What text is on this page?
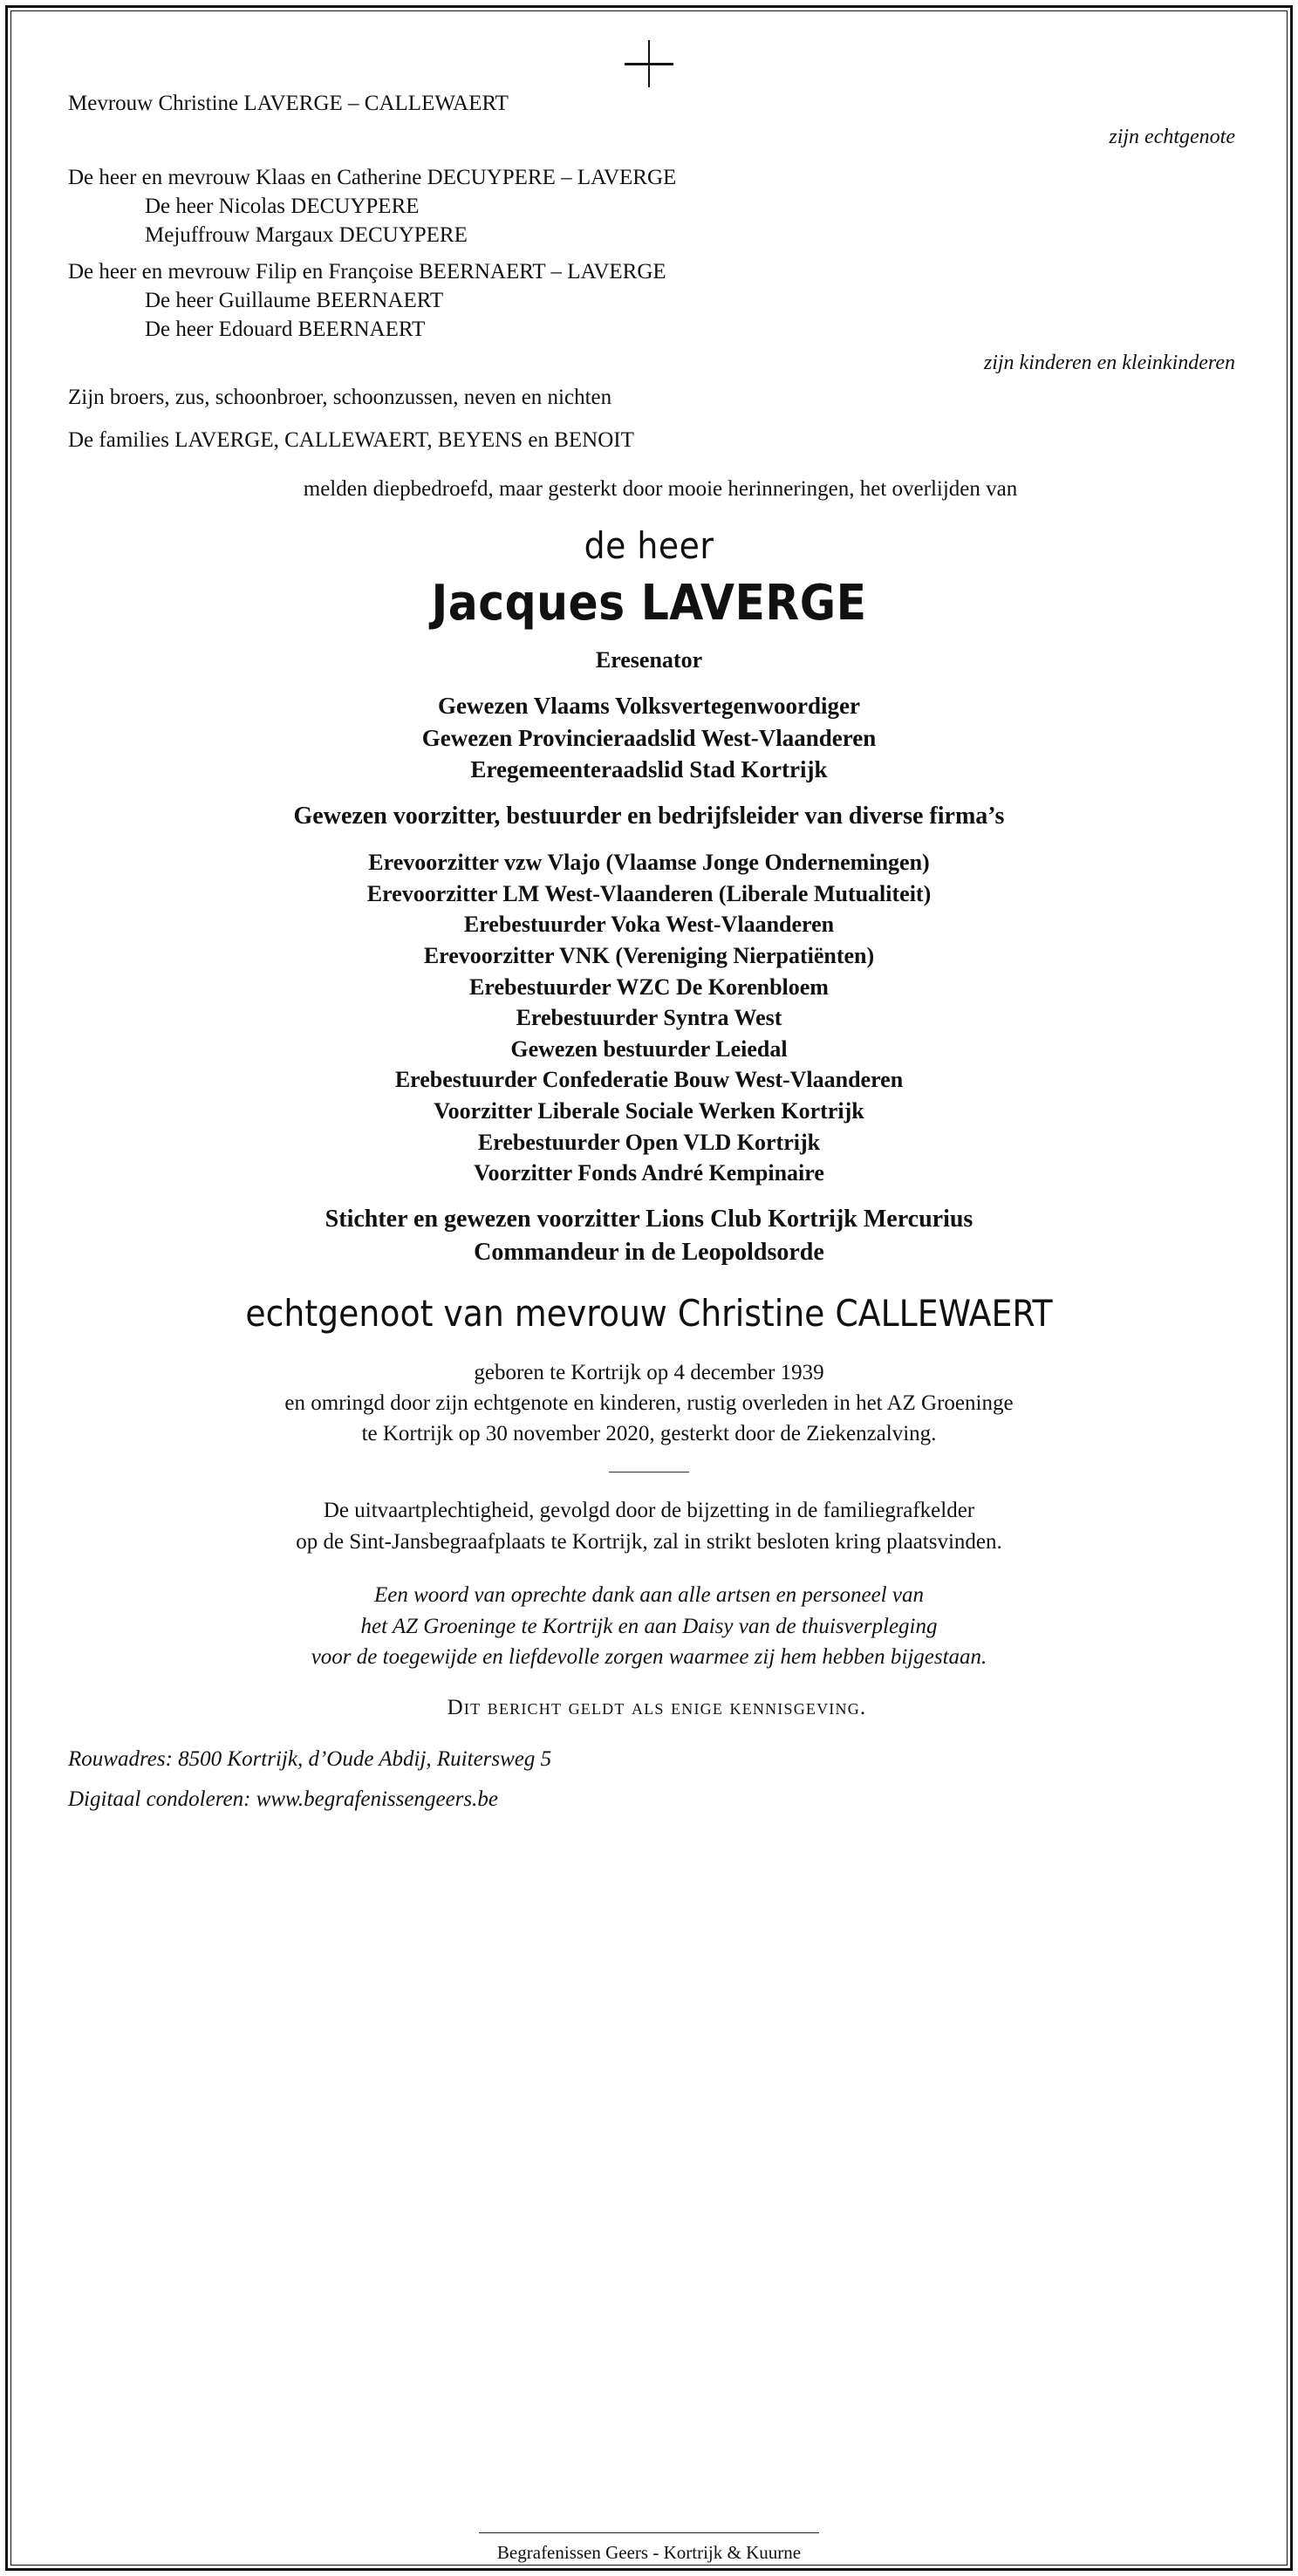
Mevrouw Christine LAVERGE – CALLEWAERT
zijn echtgenote
De heer en mevrouw Klaas en Catherine DECUYPERE – LAVERGE
De heer Nicolas DECUYPERE
Mejuffrouw Margaux DECUYPERE
De heer en mevrouw Filip en Françoise BEERNAERT – LAVERGE
De heer Guillaume BEERNAERT
De heer Edouard BEERNAERT
zijn kinderen en kleinkinderen
Zijn broers, zus, schoonbroer, schoonzussen, neven en nichten
De families LAVERGE, CALLEWAERT, BEYENS en BENOIT
melden diepbedroefd, maar gesterkt door mooie herinneringen, het overlijden van
de heer
Jacques LAVERGE
Eresenator
Gewezen Vlaams Volksvertegenwoordiger
Gewezen Provincieraadslid West-Vlaanderen
Eregemeenteraadslid Stad Kortrijk
Gewezen voorzitter, bestuurder en bedrijfsleider van diverse firma’s
Erevoorzitter vzw Vlajo (Vlaamse Jonge Ondernemingen)
Erevoorzitter LM West-Vlaanderen (Liberale Mutualiteit)
Erebestuurder Voka West-Vlaanderen
Erevoorzitter VNK (Vereniging Nierpatiënten)
Erebestuurder WZC De Korenbloem
Erebestuurder Syntra West
Gewezen bestuurder Leiedal
Erebestuurder Confederatie Bouw West-Vlaanderen
Voorzitter Liberale Sociale Werken Kortrijk
Erebestuurder Open VLD Kortrijk
Voorzitter Fonds André Kempinaire
Stichter en gewezen voorzitter Lions Club Kortrijk Mercurius
Commandeur in de Leopoldsorde
echtgenoot van mevrouw Christine CALLEWAERT
geboren te Kortrijk op 4 december 1939
en omringd door zijn echtgenote en kinderen, rustig overleden in het AZ Groeninge
te Kortrijk op 30 november 2020, gesterkt door de Ziekenzalving.
De uitvaartplechtigheid, gevolgd door de bijzetting in de familiegrafkelder
op de Sint-Jansbegraafplaats te Kortrijk, zal in strikt besloten kring plaatsvinden.
Een woord van oprechte dank aan alle artsen en personeel van
het AZ Groeninge te Kortrijk en aan Daisy van de thuisverpleging
voor de toegewijde en liefdevolle zorgen waarmee zij hem hebben bijgestaan.
Dit bericht geldt als enige kennisgeving.
Rouwadres: 8500 Kortrijk, d’Oude Abdij, Ruitersweg 5
Digitaal condoleren: www.begrafenissengeers.be
Begrafenissen Geers - Kortrijk & Kuurne
